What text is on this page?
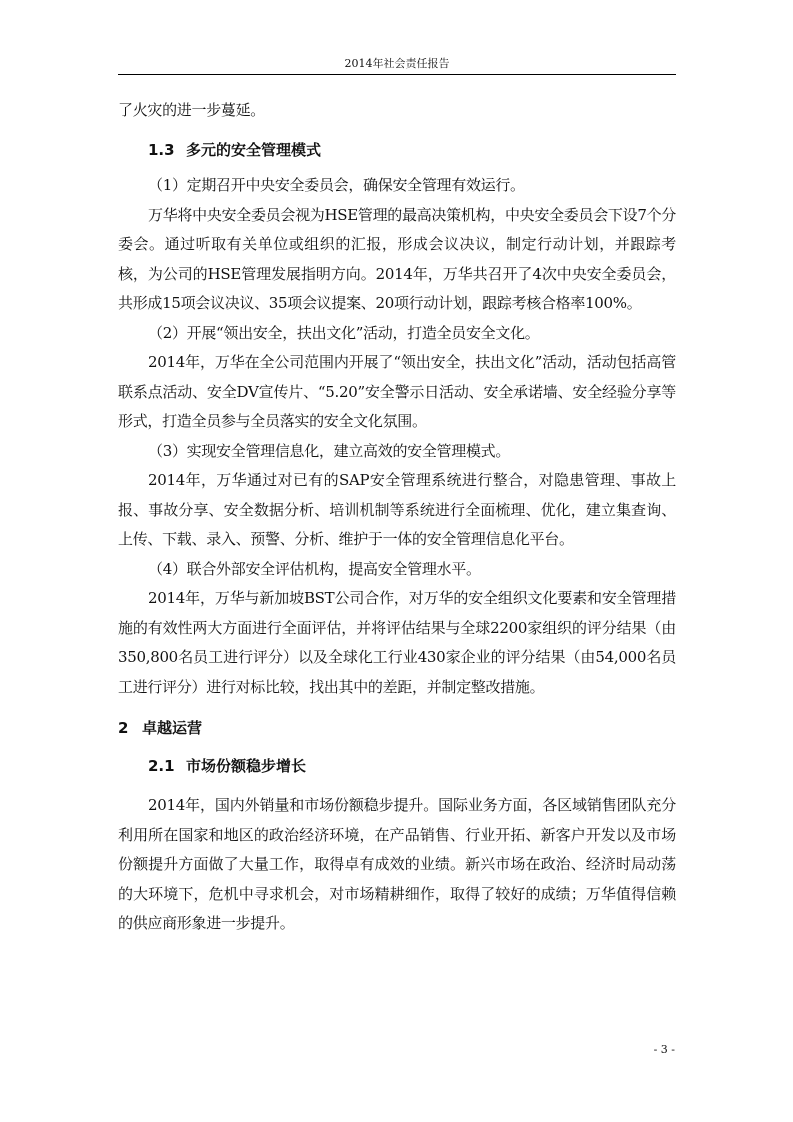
2014年社会责任报告

了火灾的进一步蔓延。

1.3 多元的安全管理模式

（1）定期召开中央安全委员会，确保安全管理有效运行。

万华将中央安全委员会视为HSE管理的最高决策机构，中央安全委员会下设7个分委会。通过听取有关单位或组织的汇报，形成会议决议，制定行动计划，并跟踪考核，为公司的HSE管理发展指明方向。2014年，万华共召开了4次中央安全委员会，共形成15项会议决议、35项会议提案、20项行动计划，跟踪考核合格率100%。

（2）开展“领出安全，扶出文化”活动，打造全员安全文化。

2014年，万华在全公司范围内开展了“领出安全，扶出文化”活动，活动包括高管联系点活动、安全DV宣传片、“5.20”安全警示日活动、安全承诺墙、安全经验分享等形式，打造全员参与全员落实的安全文化氛围。

（3）实现安全管理信息化，建立高效的安全管理模式。

2014年，万华通过对已有的SAP安全管理系统进行整合，对隐患管理、事故上报、事故分享、安全数据分析、培训机制等系统进行全面梳理、优化，建立集查询、上传、下载、录入、预警、分析、维护于一体的安全管理信息化平台。

（4）联合外部安全评估机构，提高安全管理水平。

2014年，万华与新加坡BST公司合作，对万华的安全组织文化要素和安全管理措施的有效性两大方面进行全面评估，并将评估结果与全球2200家组织的评分结果（由350,800名员工进行评分）以及全球化工行业430家企业的评分结果（由54,000名员工进行评分）进行对标比较，找出其中的差距，并制定整改措施。

2 卓越运营
2.1 市场份额稳步增长

2014年，国内外销量和市场份额稳步提升。国际业务方面，各区域销售团队充分利用所在国家和地区的政治经济环境，在产品销售、行业开拓、新客户开发以及市场份额提升方面做了大量工作，取得卓有成效的业绩。新兴市场在政治、经济时局动荡的大环境下，危机中寻求机会，对市场精耕细作，取得了较好的成绩；万华值得信赖的供应商形象进一步提升。

- 3 -
